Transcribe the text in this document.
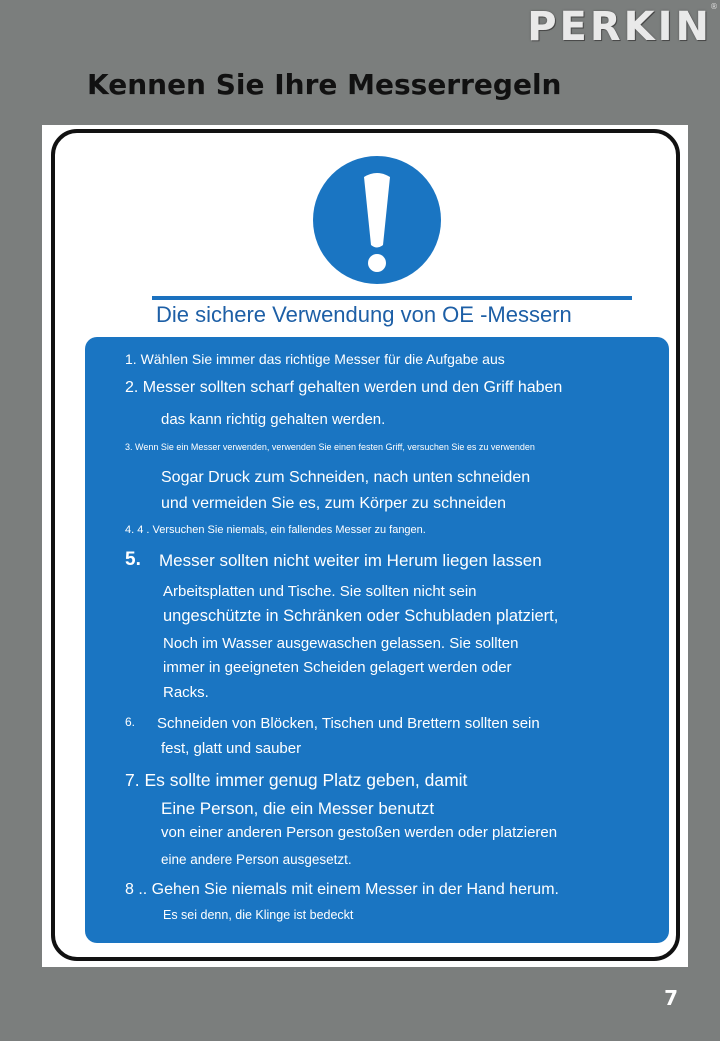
PERKIN
®
Kennen Sie Ihre Messerregeln
Die sichere Verwendung von OE -Messern
1. Wählen Sie immer das richtige Messer für die Aufgabe aus
2. Messer sollten scharf gehalten werden und den Griff haben
das kann richtig gehalten werden.
3. Wenn Sie ein Messer verwenden, verwenden Sie einen festen Griff, versuchen Sie es zu verwenden
Sogar Druck zum Schneiden, nach unten schneiden
und vermeiden Sie es, zum Körper zu schneiden
4. 4 . Versuchen Sie niemals, ein fallendes Messer zu fangen.
5. Messer sollten nicht weiter im Herum liegen lassen
Arbeitsplatten und Tische. Sie sollten nicht sein
ungeschützte in Schränken oder Schubladen platziert,
Noch im Wasser ausgewaschen gelassen. Sie sollten
immer in geeigneten Scheiden gelagert werden oder
Racks.
6. Schneiden von Blöcken, Tischen und Brettern sollten sein
fest, glatt und sauber
7. Es sollte immer genug Platz geben, damit
Eine Person, die ein Messer benutzt
von einer anderen Person gestoßen werden oder platzieren
eine andere Person ausgesetzt.
8 .. Gehen Sie niemals mit einem Messer in der Hand herum.
Es sei denn, die Klinge ist bedeckt
7
